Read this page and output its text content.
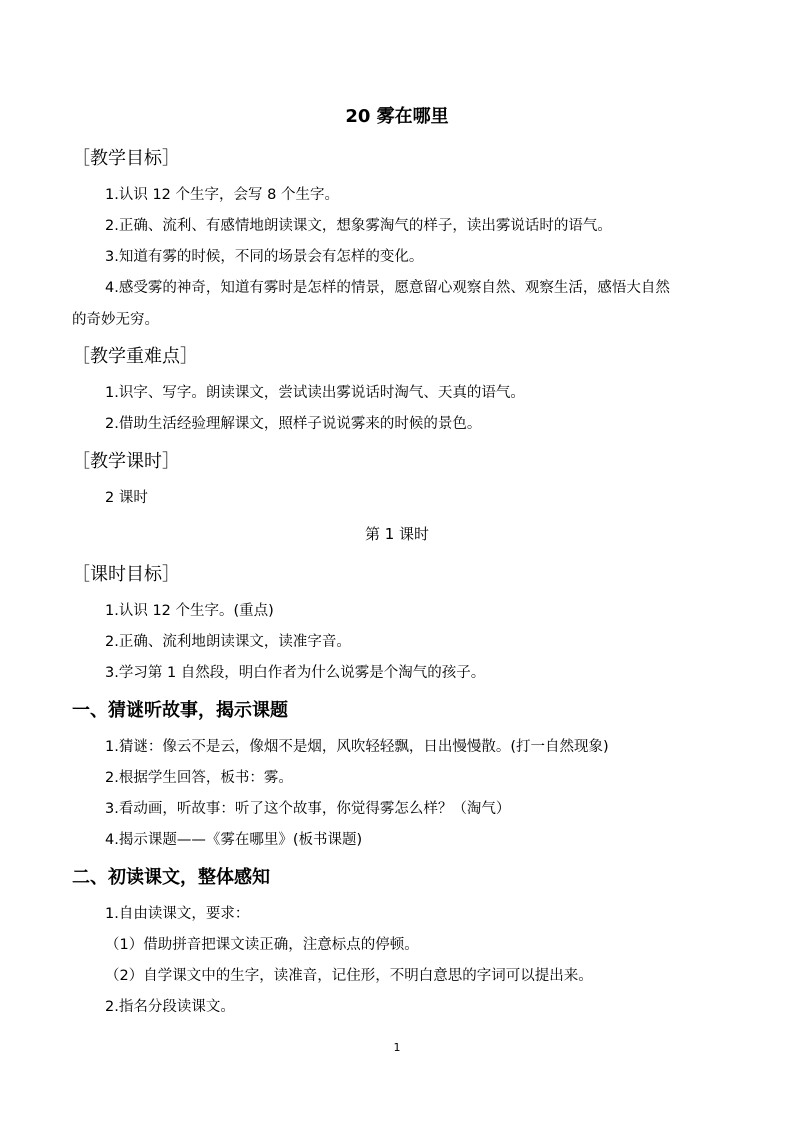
20 雾在哪里
［教学目标］
1.认识 12 个生字，会写 8 个生字。
2.正确、流利、有感情地朗读课文，想象雾淘气的样子，读出雾说话时的语气。
3.知道有雾的时候，不同的场景会有怎样的变化。
4.感受雾的神奇，知道有雾时是怎样的情景，愿意留心观察自然、观察生活，感悟大自然
的奇妙无穷。
［教学重难点］
1.识字、写字。朗读课文，尝试读出雾说话时淘气、天真的语气。
2.借助生活经验理解课文，照样子说说雾来的时候的景色。
［教学课时］
2 课时
第 1 课时
［课时目标］
1.认识 12 个生字。(重点)
2.正确、流利地朗读课文，读准字音。
3.学习第 1 自然段，明白作者为什么说雾是个淘气的孩子。
一、猜谜听故事，揭示课题
1.猜谜：像云不是云，像烟不是烟，风吹轻轻飘，日出慢慢散。(打一自然现象)
2.根据学生回答，板书：雾。
3.看动画，听故事：听了这个故事，你觉得雾怎么样？（淘气）
4.揭示课题——《雾在哪里》(板书课题)
二、初读课文，整体感知
1.自由读课文，要求：
（1）借助拼音把课文读正确，注意标点的停顿。
（2）自学课文中的生字，读准音，记住形，不明白意思的字词可以提出来。
2.指名分段读课文。
1
